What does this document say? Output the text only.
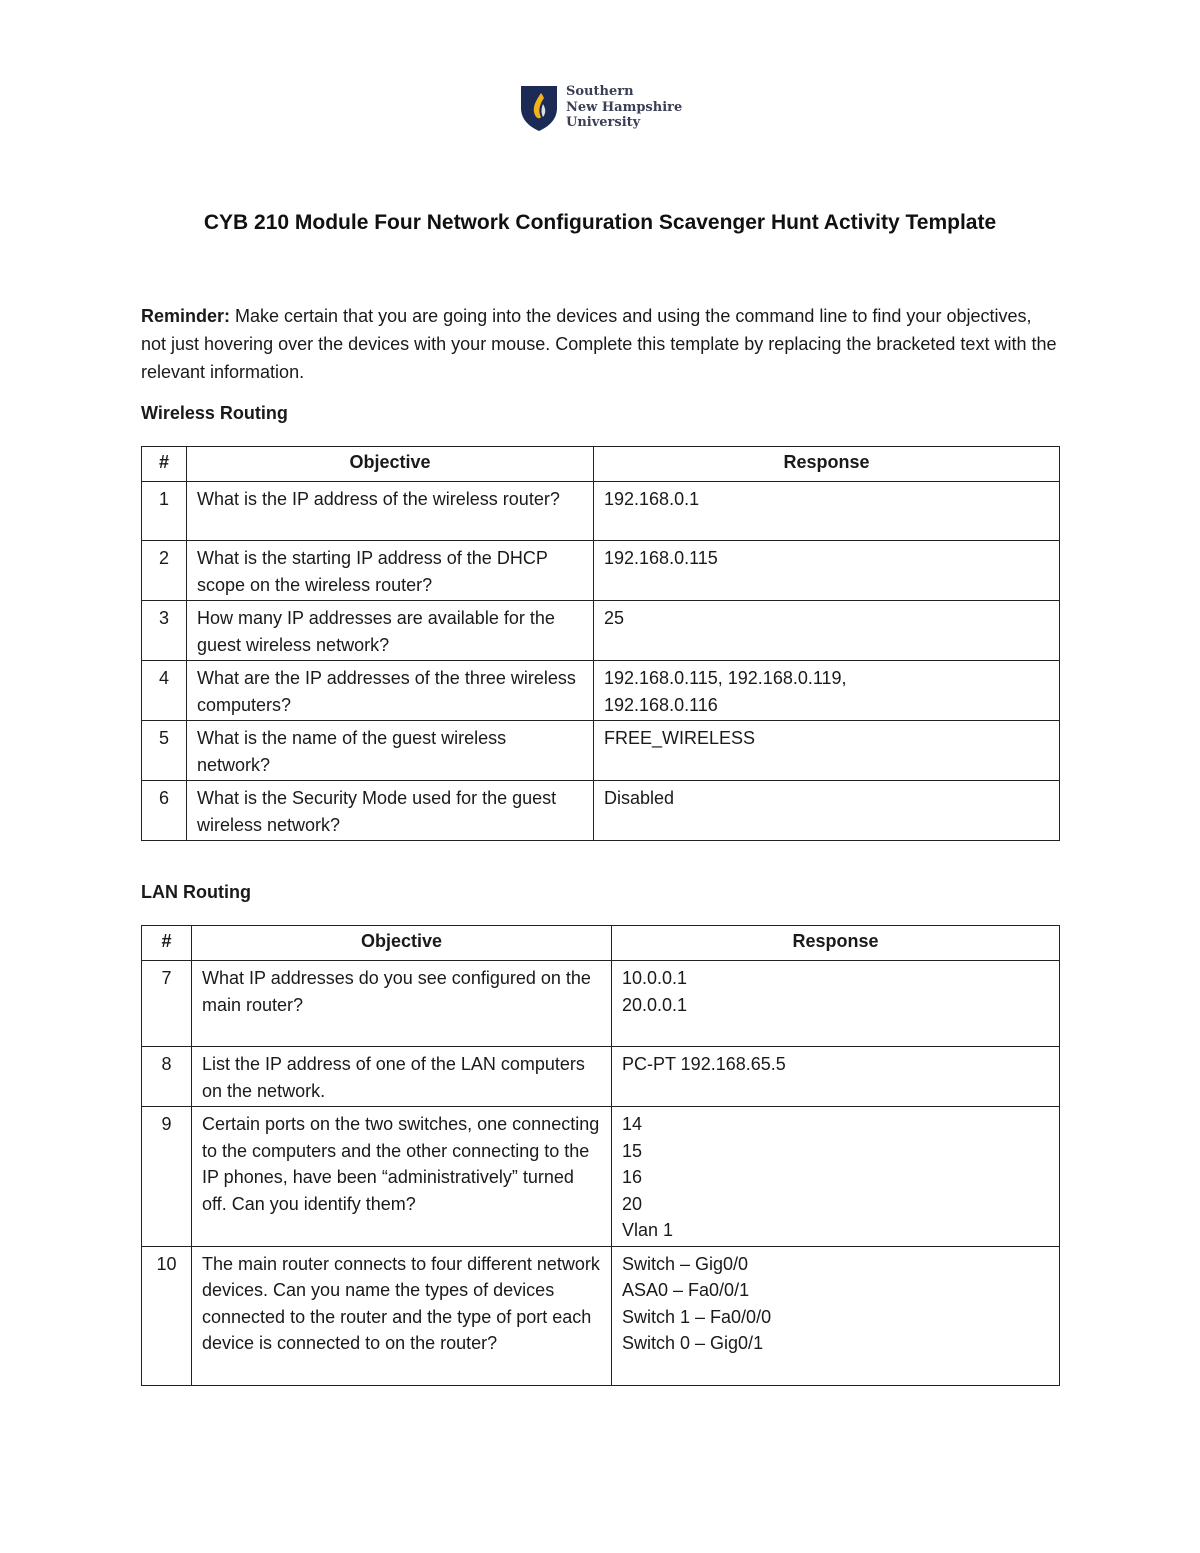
Southern
New Hampshire
University
CYB 210 Module Four Network Configuration Scavenger Hunt Activity Template
Reminder: Make certain that you are going into the devices and using the command line to find your objectives, not just hovering over the devices with your mouse. Complete this template by replacing the bracketed text with the relevant information.
Wireless Routing
#	Objective	Response
1	What is the IP address of the wireless router?	192.168.0.1
2	What is the starting IP address of the DHCP scope on the wireless router?	192.168.0.115
3	How many IP addresses are available for the guest wireless network?	25
4	What are the IP addresses of the three wireless computers?	192.168.0.115, 192.168.0.119,
192.168.0.116

5	What is the name of the guest wireless network?	FREE_WIRELESS
6	What is the Security Mode used for the guest wireless network?	Disabled
LAN Routing
#	Objective	Response
7	What IP addresses do you see configured on the main router?	10.0.0.1
20.0.0.1

8	List the IP address of one of the LAN computers on the network.	PC-PT 192.168.65.5
9	Certain ports on the two switches, one connecting to the computers and the other connecting to the IP phones, have been “administratively” turned off. Can you identify them?	14
15
16
20
Vlan 1

10	The main router connects to four different network devices. Can you name the types of devices connected to the router and the type of port each device is connected to on the router?	Switch – Gig0/0
ASA0 – Fa0/0/1
Switch 1 – Fa0/0/0
Switch 0 – Gig0/1
